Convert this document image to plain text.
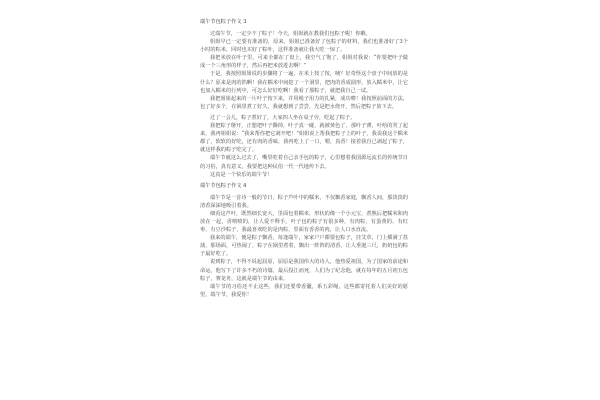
端午节包粽子作文 3

过端午节，一定少不了粽子！今天，姐姐就在教我们包粽子呢！你瞧，

姐姐早已一定要有准备的，原来，姐姐已准备好了包粽子的材料，我们也准备好了3个小时的粽米，回时也买好了粽叶，这样准备就让我大吃一惊了。

我把米放在叶子里，可来全都在了盘上，我空气了饱了，姐姐对我说：“你要把叶子做成一个三角形的样子，然后再把米放进去啊！”

于是，我按照姐姐说的步骤将了一遍，在米上按了按，咦？好奇怪这个盘子中间放的是什么？原来是肉的馅啊！我在糯米中间挖了一个洞里，把肉的香成圆形，放入糯米中，让它也加入糯米的行列中，可怎么好好吃啊！我看了那粽子，就把我自己一试。

我把姐姐起来的一片叶子按下来，并用绳子用力的扎紧，成功啦！我按照前面的方法，包了好多个，在锅里煮了好久，我就想到了尝尝，先是把水烧开，然后把粽子放下去，

过了一会儿，粽子煮好了，大家四人坐在桌子旁，吃起了粽子。

我把粽子掰开，正想把叶子撕掉，叶子真一碰，就被黄色了，那叶子薄，叶哈的哭了起来，我再姐姐说：“我来帮你把它剥开吧！”姐姐说上帮我把粽子上的叶子，我说我这个糯米都了，软软的好吃，还有肉的香味，我再吃上了一口，嗯，真香！接着我自己剥起了粽子，就这样我的粽子吃完了。

端午节就这么过去了，嘴里吃着自己亲手包的粽子，心里想着我国源远流长的传统节日的习俗，真有意义，我要把这种民俗一代一代地传下去。

这真是一个快乐的端午节！

端午节包粽子作文 4

端午节是一首诗一般的节日，粽子芦叶中的糯米，不仅飘香家庭，飘香人间，那淡淡的清香深深地吸引着我。

细看这芦叶，既然细长宽大，里面包着糯米，形状的像一个小元宝，煮熟后把糯米和肉放在一起，香喷喷的，让人爱不释手。叶子包的粽子有很多种，有肉粽、有蛋黄的、有红枣、有豆沙粽子，我最喜欢吃的是肉粽，里面有香香的肉，让人口水直流。

我来的端午，便是粽子飘香，每逢端午，家家户户都要包粽子，挂艾草，门上插满了菖蒲，那场面，可热闹了，粽子在锅里煮着，飘出一阵阵的清香，让人垂涎三尺，奶奶包的粽子最好吃了。

说到粽子，不得不说起屈原，屈原是我国伟大的诗人，他热爱祖国，为了国家的前途和命运，他写下了许多不朽的诗篇，最后投江而死，人们为了纪念他，就在每年的五月初五包粽子，赛龙舟，这就是端午节的由来。

端午节的习俗还不止这些，我们还要带香囊，系五彩绳，这些都寄托着人们美好的愿望，端午节，我爱你！
